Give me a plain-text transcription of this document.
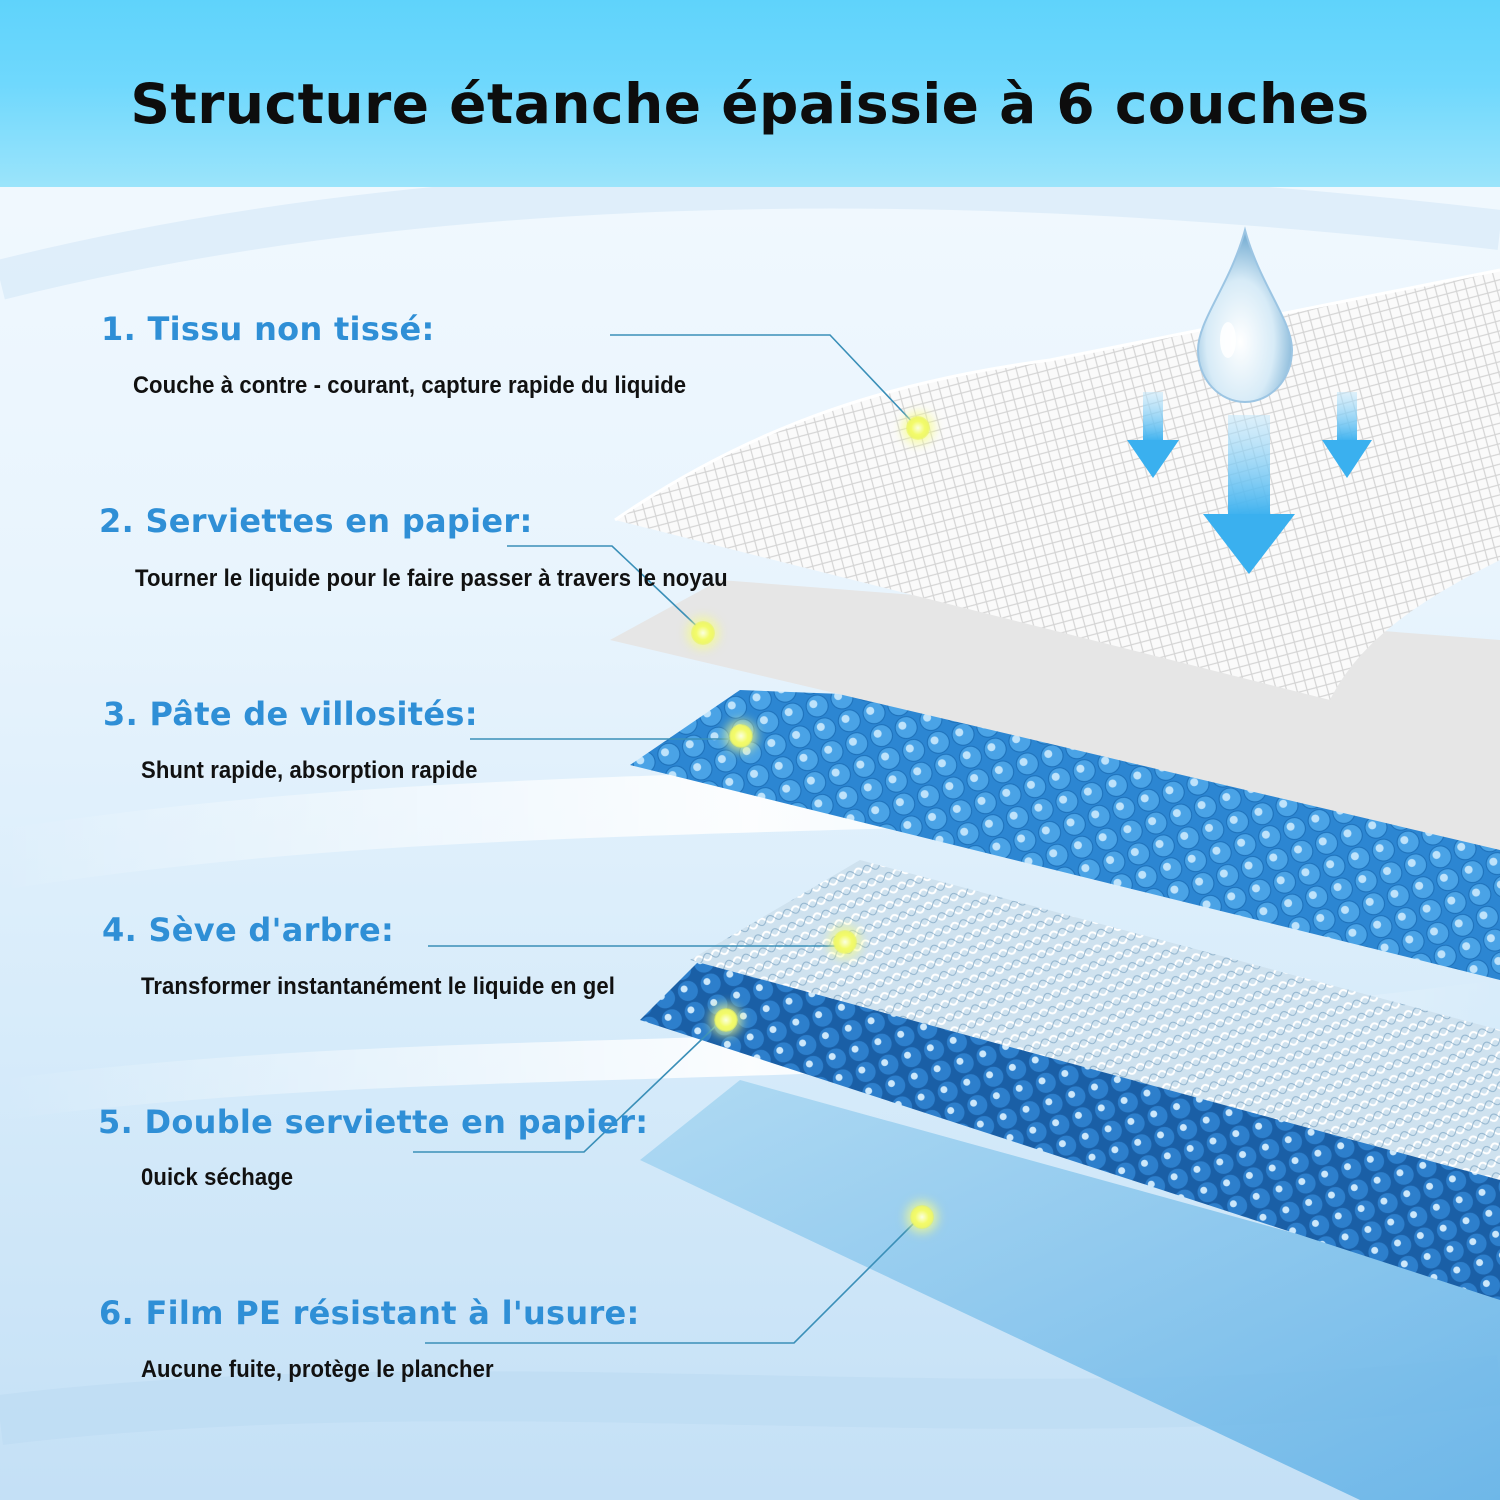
Structure étanche épaissie à 6 couches
1. Tissu non tissé:
Couche à contre - courant, capture rapide du liquide
2. Serviettes en papier:
Tourner le liquide pour le faire passer à travers le noyau
3. Pâte de villosités:
Shunt rapide, absorption rapide
4. Sève d'arbre:
Transformer instantanément le liquide en gel
5. Double serviette en papier:
0uick séchage
6. Film PE résistant à l'usure:
Aucune fuite, protège le plancher
